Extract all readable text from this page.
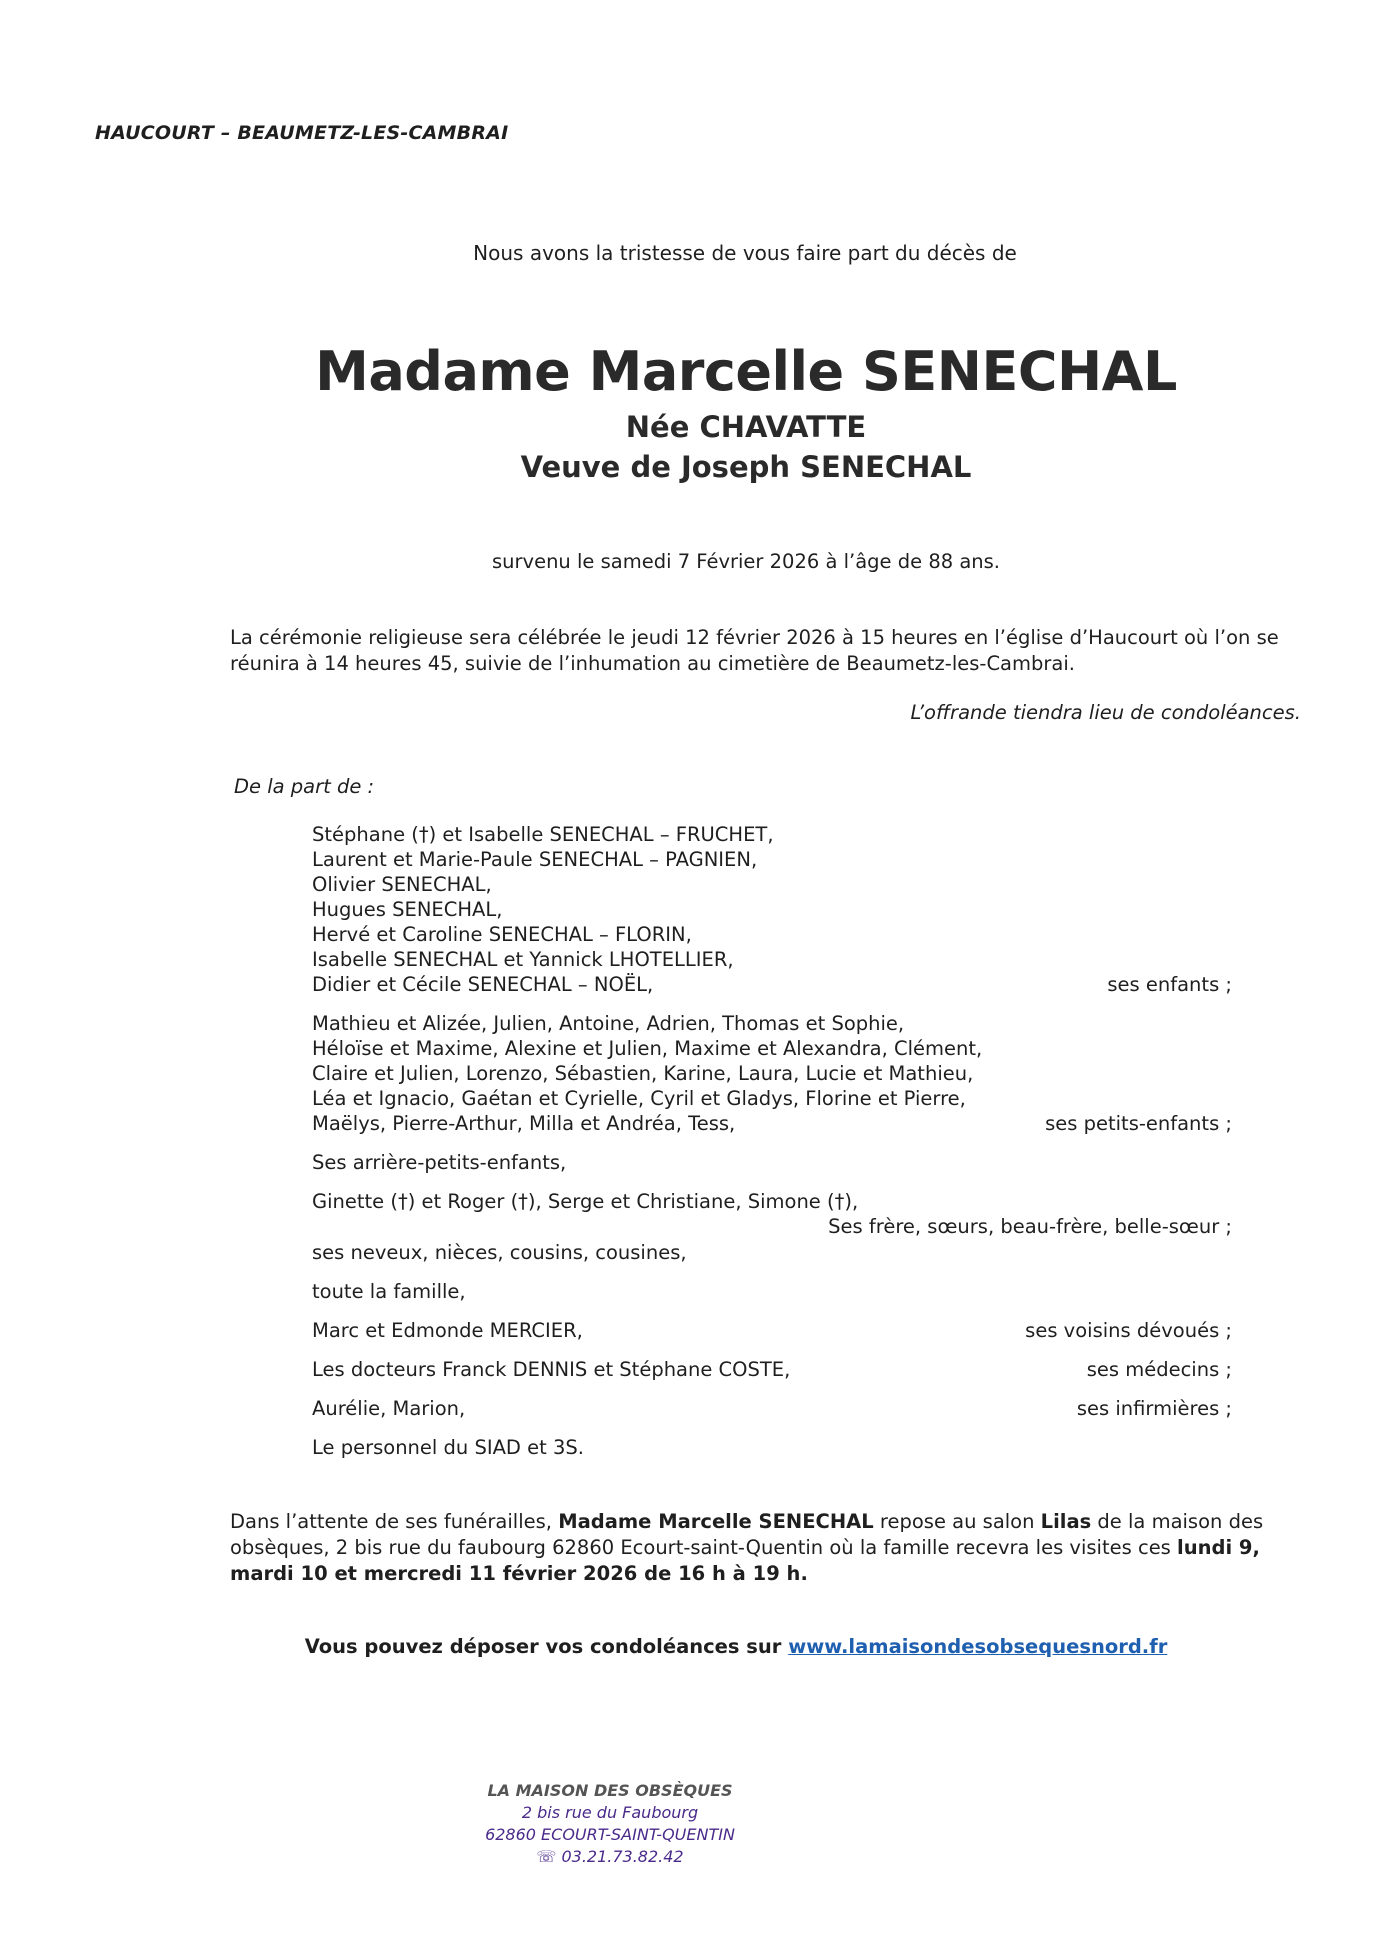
HAUCOURT – BEAUMETZ-LES-CAMBRAI
Nous avons la tristesse de vous faire part du décès de
Madame Marcelle SENECHAL
Née CHAVATTE
Veuve de Joseph SENECHAL
survenu le samedi 7 Février 2026 à l’âge de 88 ans.
La cérémonie religieuse sera célébrée le jeudi 12 février 2026 à 15 heures en l’église d’Haucourt où l’on se réunira à 14 heures 45, suivie de l’inhumation au cimetière de Beaumetz-les-Cambrai.
L’offrande tiendra lieu de condoléances.
De la part de :
Stéphane (†) et Isabelle SENECHAL – FRUCHET,
Laurent et Marie-Paule SENECHAL – PAGNIEN,
Olivier SENECHAL,
Hugues SENECHAL,
Hervé et Caroline SENECHAL – FLORIN,
Isabelle SENECHAL et Yannick LHOTELLIER,
Didier et Cécile SENECHAL – NOËL,	ses enfants ;
Mathieu et Alizée, Julien, Antoine, Adrien, Thomas et Sophie,
Héloïse et Maxime, Alexine et Julien, Maxime et Alexandra, Clément,
Claire et Julien, Lorenzo, Sébastien, Karine, Laura, Lucie et Mathieu,
Léa et Ignacio, Gaétan et Cyrielle, Cyril et Gladys, Florine et Pierre,
Maëlys, Pierre-Arthur, Milla et Andréa, Tess,	ses petits-enfants ;
Ses arrière-petits-enfants,
Ginette (†) et Roger (†), Serge et Christiane, Simone (†),
Ses frère, sœurs, beau-frère, belle-sœur ;
ses neveux, nièces, cousins, cousines,
toute la famille,
Marc et Edmonde MERCIER,	ses voisins dévoués ;
Les docteurs Franck DENNIS et Stéphane COSTE,	ses médecins ;
Aurélie, Marion,	ses infirmières ;
Le personnel du SIAD et 3S.
Dans l’attente de ses funérailles, Madame Marcelle SENECHAL repose au salon Lilas de la maison des obsèques, 2 bis rue du faubourg 62860 Ecourt-saint-Quentin où la famille recevra les visites ces lundi 9, mardi 10 et mercredi 11 février 2026 de 16 h à 19 h.
Vous pouvez déposer vos condoléances sur www.lamaisondesobsequesnord.fr
LA MAISON DES OBSÈQUES
2 bis rue du Faubourg
62860 ECOURT-SAINT-QUENTIN
☏ 03.21.73.82.42
